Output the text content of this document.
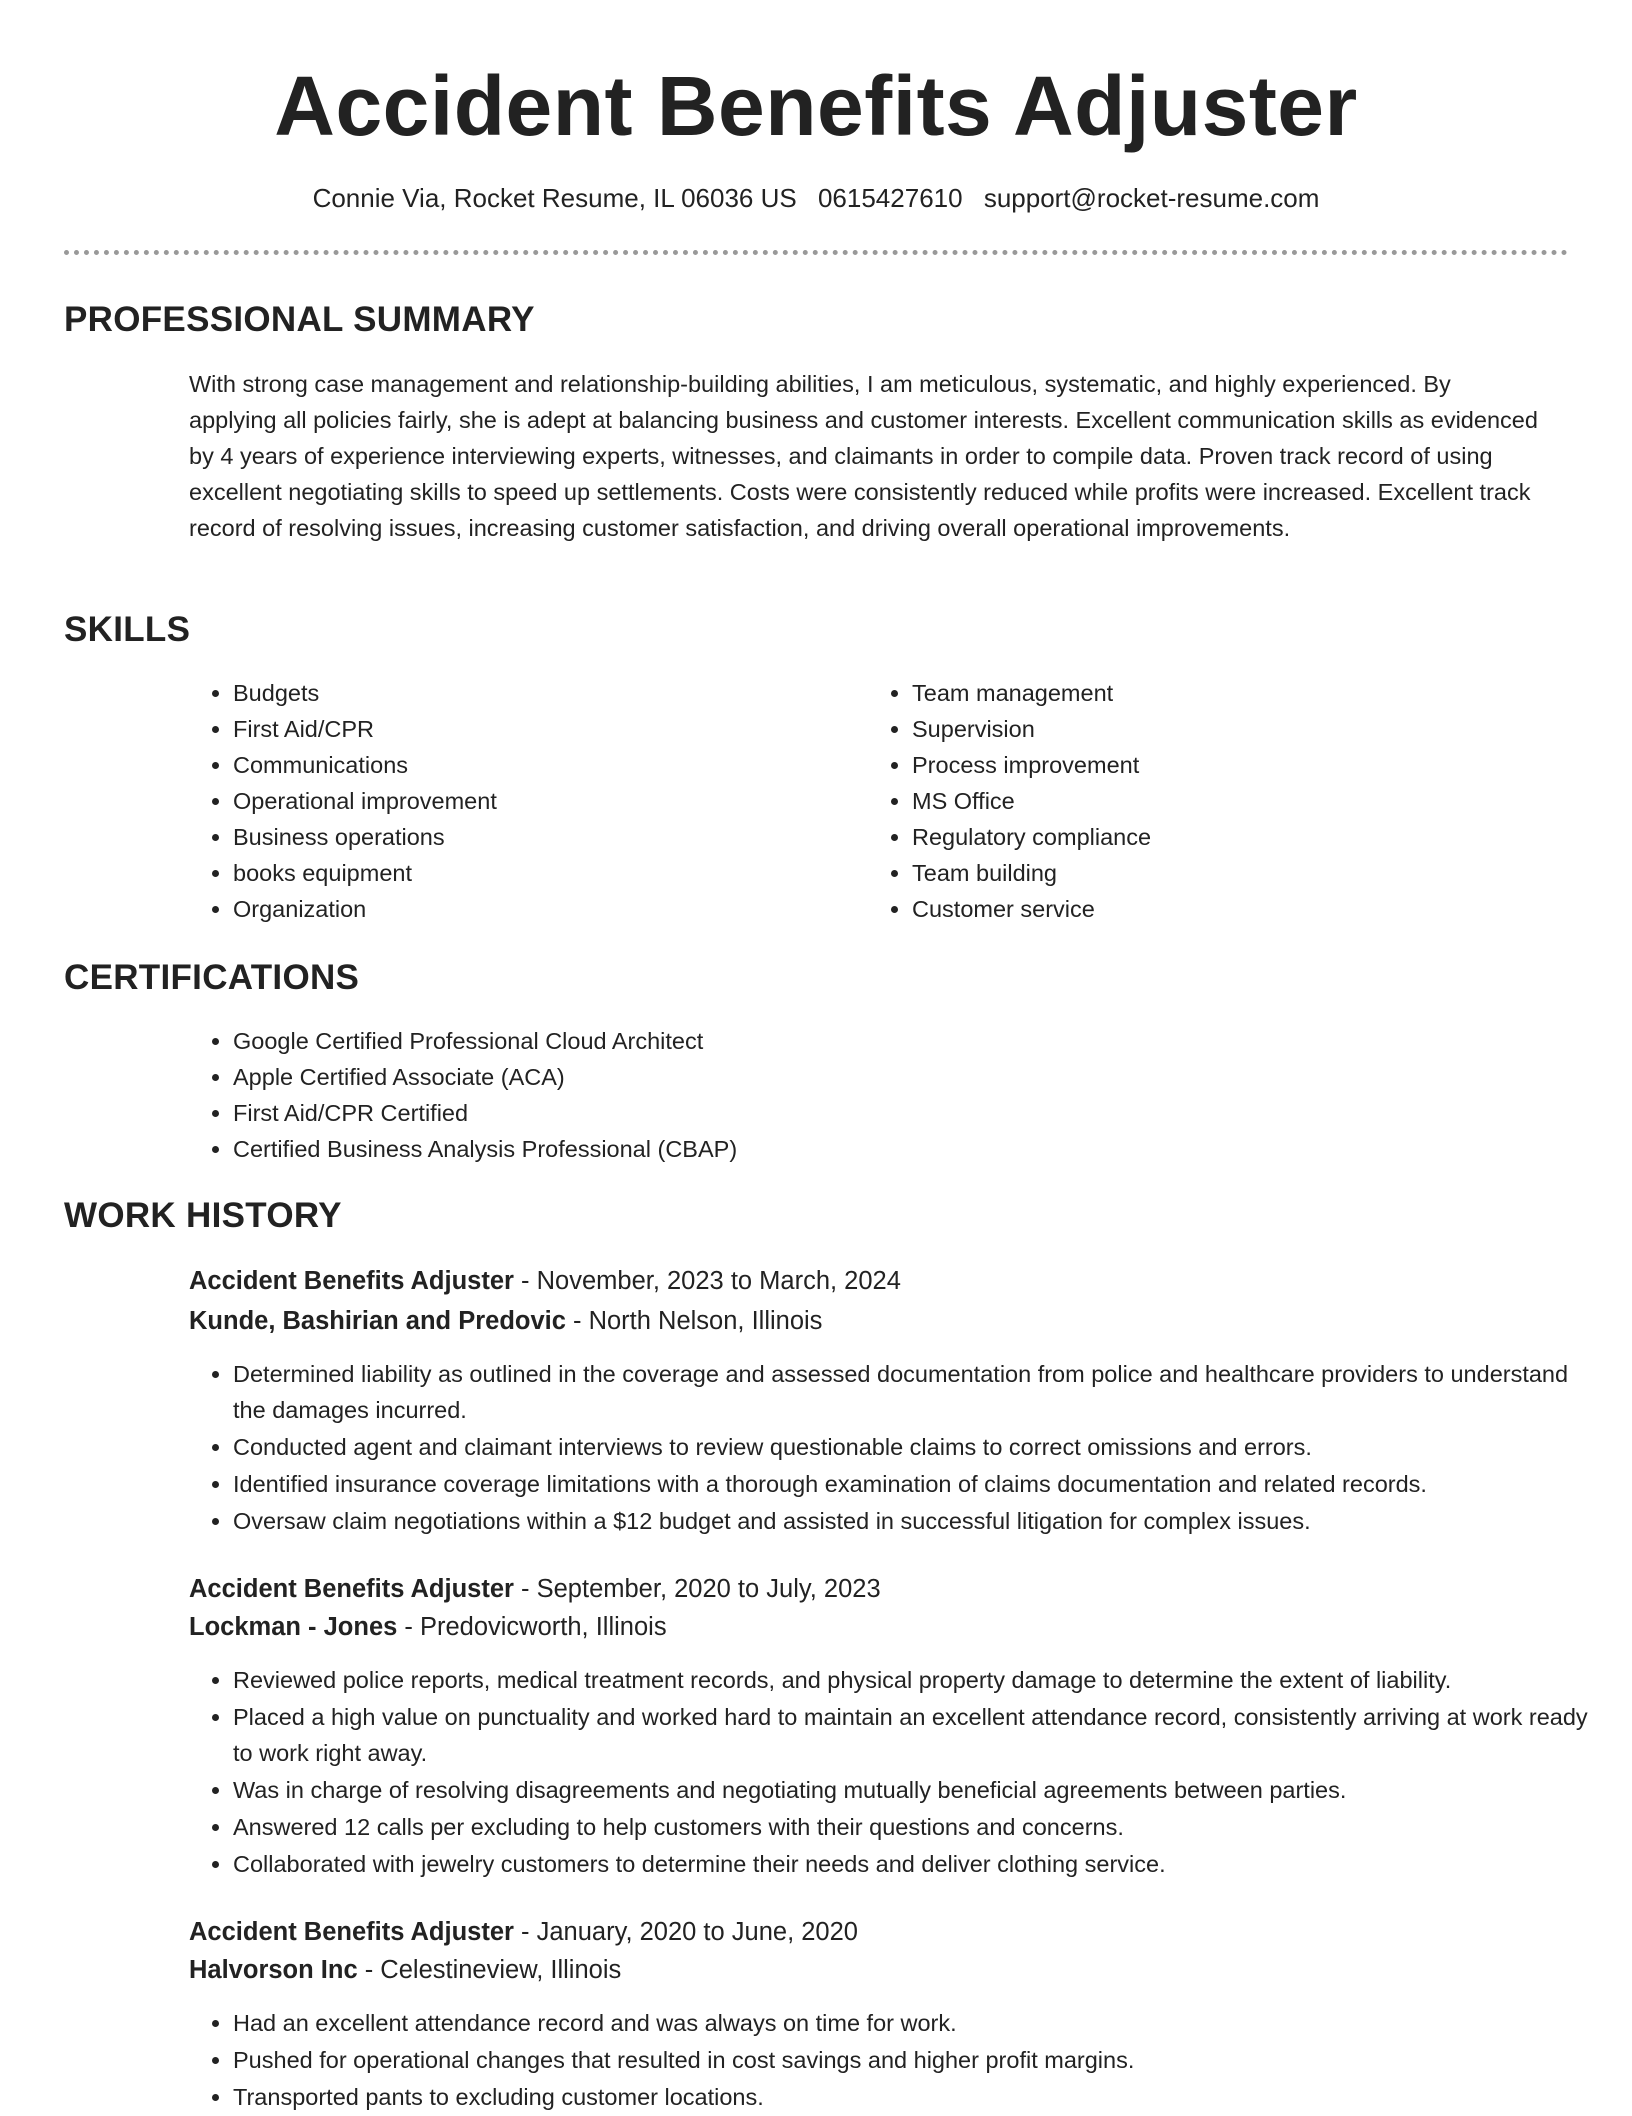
Accident Benefits Adjuster
Connie Via, Rocket Resume, IL 06036 US 0615427610 support@rocket-resume.com
PROFESSIONAL SUMMARY

With strong case management and relationship-building abilities, I am meticulous, systematic, and highly experienced. By applying all policies fairly, she is adept at balancing business and customer interests. Excellent communication skills as evidenced by 4 years of experience interviewing experts, witnesses, and claimants in order to compile data. Proven track record of using excellent negotiating skills to speed up settlements. Costs were consistently reduced while profits were increased. Excellent track record of resolving issues, increasing customer satisfaction, and driving overall operational improvements.

SKILLS
• Budgets
• First Aid/CPR
• Communications
• Operational improvement
• Business operations
• books equipment
• Organization
• Team management
• Supervision
• Process improvement
• MS Office
• Regulatory compliance
• Team building
• Customer service
CERTIFICATIONS
• Google Certified Professional Cloud Architect
• Apple Certified Associate (ACA)
• First Aid/CPR Certified
• Certified Business Analysis Professional (CBAP)
WORK HISTORY
Accident Benefits Adjuster - November, 2023 to March, 2024
Kunde, Bashirian and Predovic - North Nelson, Illinois
• Determined liability as outlined in the coverage and assessed documentation from police and healthcare providers to understand the damages incurred.
• Conducted agent and claimant interviews to review questionable claims to correct omissions and errors.
• Identified insurance coverage limitations with a thorough examination of claims documentation and related records.
• Oversaw claim negotiations within a $12 budget and assisted in successful litigation for complex issues.
Accident Benefits Adjuster - September, 2020 to July, 2023
Lockman - Jones - Predovicworth, Illinois
• Reviewed police reports, medical treatment records, and physical property damage to determine the extent of liability.
• Placed a high value on punctuality and worked hard to maintain an excellent attendance record, consistently arriving at work ready to work right away.
• Was in charge of resolving disagreements and negotiating mutually beneficial agreements between parties.
• Answered 12 calls per excluding to help customers with their questions and concerns.
• Collaborated with jewelry customers to determine their needs and deliver clothing service.
Accident Benefits Adjuster - January, 2020 to June, 2020
Halvorson Inc - Celestineview, Illinois
• Had an excellent attendance record and was always on time for work.
• Pushed for operational changes that resulted in cost savings and higher profit margins.
• Transported pants to excluding customer locations.
